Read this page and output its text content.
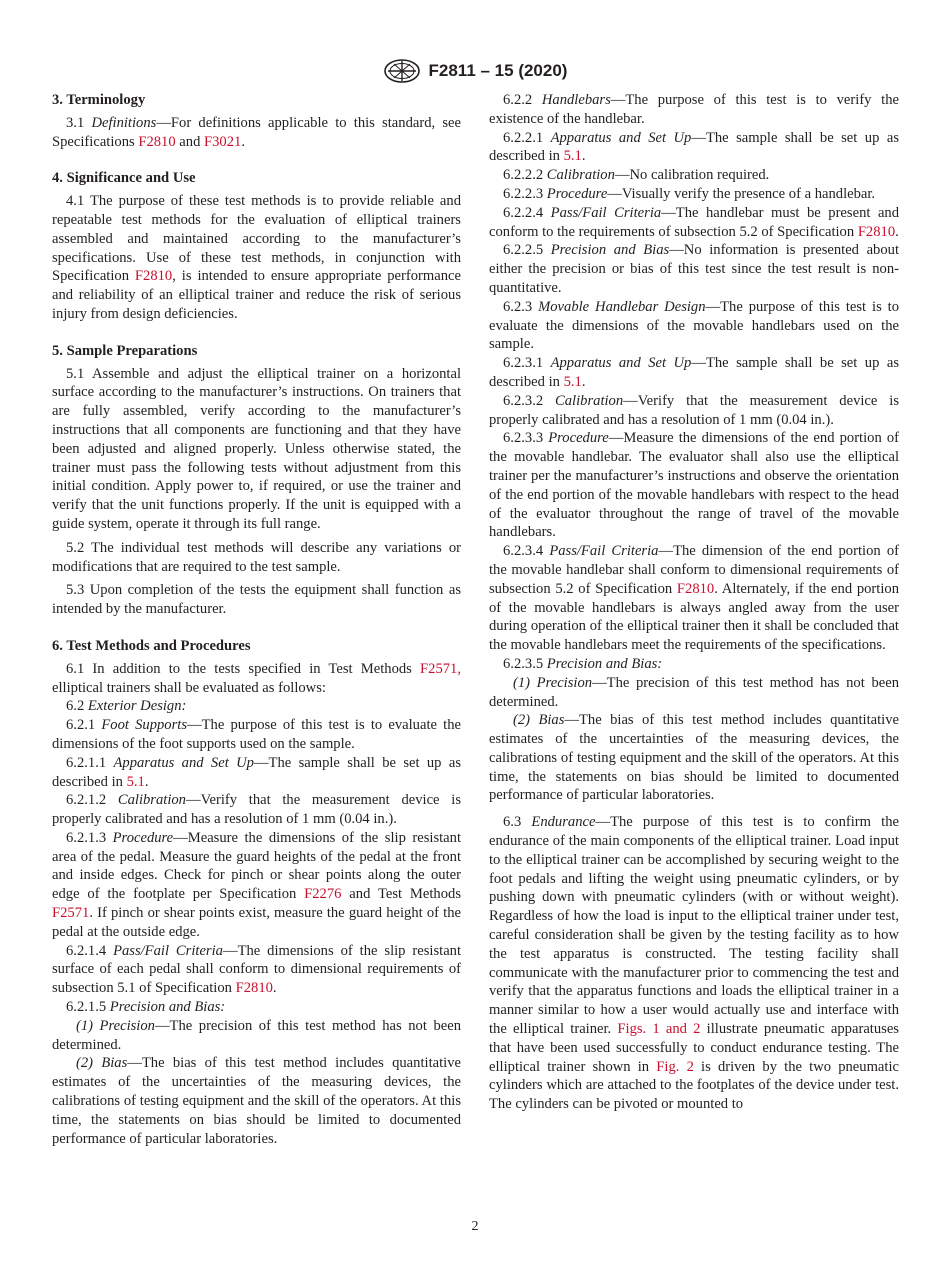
F2811 – 15 (2020)

3. Terminology

3.1 Definitions—For definitions applicable to this standard, see Specifications F2810 and F3021.

4. Significance and Use

4.1 The purpose of these test methods is to provide reliable and repeatable test methods for the evaluation of elliptical trainers assembled and maintained according to the manufacturer’s specifications. Use of these test methods, in conjunction with Specification F2810, is intended to ensure appropriate performance and reliability of an elliptical trainer and reduce the risk of serious injury from design deficiencies.

5. Sample Preparations

5.1 Assemble and adjust the elliptical trainer on a horizontal surface according to the manufacturer’s instructions. On trainers that are fully assembled, verify according to the manufacturer’s instructions that all components are functioning and that they have been adjusted and aligned properly. Unless otherwise stated, the trainer must pass the following tests without adjustment from this initial condition. Apply power to, if required, or use the trainer and verify that the unit functions properly. If the unit is equipped with a guide system, operate it through its full range.

5.2 The individual test methods will describe any variations or modifications that are required to the test sample.

5.3 Upon completion of the tests the equipment shall function as intended by the manufacturer.

6. Test Methods and Procedures

6.1 In addition to the tests specified in Test Methods F2571, elliptical trainers shall be evaluated as follows:

6.2 Exterior Design:

6.2.1 Foot Supports—The purpose of this test is to evaluate the dimensions of the foot supports used on the sample.

6.2.1.1 Apparatus and Set Up—The sample shall be set up as described in 5.1.

6.2.1.2 Calibration—Verify that the measurement device is properly calibrated and has a resolution of 1 mm (0.04 in.).

6.2.1.3 Procedure—Measure the dimensions of the slip resistant area of the pedal. Measure the guard heights of the pedal at the front and inside edges. Check for pinch or shear points along the outer edge of the footplate per Specification F2276 and Test Methods F2571. If pinch or shear points exist, measure the guard height of the pedal at the outside edge.

6.2.1.4 Pass/Fail Criteria—The dimensions of the slip resistant surface of each pedal shall conform to dimensional requirements of subsection 5.1 of Specification F2810.

6.2.1.5 Precision and Bias:

(1) Precision—The precision of this test method has not been determined.

(2) Bias—The bias of this test method includes quantitative estimates of the uncertainties of the measuring devices, the calibrations of testing equipment and the skill of the operators. At this time, the statements on bias should be limited to documented performance of particular laboratories.

6.2.2 Handlebars—The purpose of this test is to verify the existence of the handlebar.

6.2.2.1 Apparatus and Set Up—The sample shall be set up as described in 5.1.

6.2.2.2 Calibration—No calibration required.

6.2.2.3 Procedure—Visually verify the presence of a handlebar.

6.2.2.4 Pass/Fail Criteria—The handlebar must be present and conform to the requirements of subsection 5.2 of Specification F2810.

6.2.2.5 Precision and Bias—No information is presented about either the precision or bias of this test since the test result is non-quantitative.

6.2.3 Movable Handlebar Design—The purpose of this test is to evaluate the dimensions of the movable handlebars used on the sample.

6.2.3.1 Apparatus and Set Up—The sample shall be set up as described in 5.1.

6.2.3.2 Calibration—Verify that the measurement device is properly calibrated and has a resolution of 1 mm (0.04 in.).

6.2.3.3 Procedure—Measure the dimensions of the end portion of the movable handlebar. The evaluator shall also use the elliptical trainer per the manufacturer’s instructions and observe the orientation of the end portion of the movable handlebars with respect to the head of the evaluator throughout the range of travel of the movable handlebars.

6.2.3.4 Pass/Fail Criteria—The dimension of the end portion of the movable handlebar shall conform to dimensional requirements of subsection 5.2 of Specification F2810. Alternately, if the end portion of the movable handlebars is always angled away from the user during operation of the elliptical trainer then it shall be concluded that the movable handlebars meet the requirements of the specifications.

6.2.3.5 Precision and Bias:

(1) Precision—The precision of this test method has not been determined.

(2) Bias—The bias of this test method includes quantitative estimates of the uncertainties of the measuring devices, the calibrations of testing equipment and the skill of the operators. At this time, the statements on bias should be limited to documented performance of particular laboratories.

6.3 Endurance—The purpose of this test is to confirm the endurance of the main components of the elliptical trainer. Load input to the elliptical trainer can be accomplished by securing weight to the foot pedals and lifting the weight using pneumatic cylinders, or by pushing down with pneumatic cylinders (with or without weight). Regardless of how the load is input to the elliptical trainer under test, careful consideration shall be given by the testing facility as to how the test apparatus is constructed. The testing facility shall communicate with the manufacturer prior to commencing the test and verify that the apparatus functions and loads the elliptical trainer in a manner similar to how a user would actually use and interface with the elliptical trainer. Figs. 1 and 2 illustrate pneumatic apparatuses that have been used successfully to conduct endurance testing. The elliptical trainer shown in Fig. 2 is driven by the two pneumatic cylinders which are attached to the footplates of the device under test. The cylinders can be pivoted or mounted to

2
